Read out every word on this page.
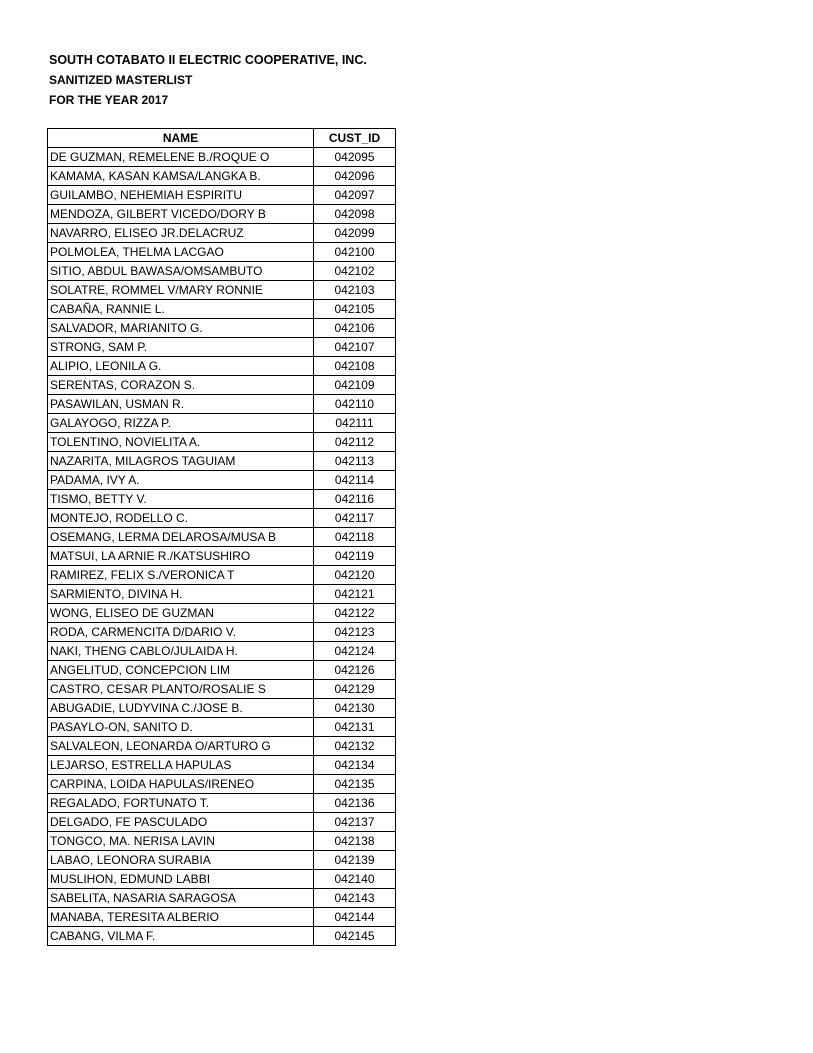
SOUTH COTABATO II ELECTRIC COOPERATIVE, INC.
SANITIZED MASTERLIST
FOR THE YEAR 2017
NAME	CUST_ID
DE GUZMAN, REMELENE B./ROQUE O	042095
KAMAMA, KASAN KAMSA/LANGKA B.	042096
GUILAMBO, NEHEMIAH ESPIRITU	042097
MENDOZA, GILBERT VICEDO/DORY B	042098
NAVARRO, ELISEO JR.DELACRUZ	042099
POLMOLEA, THELMA LACGAO	042100
SITIO, ABDUL BAWASA/OMSAMBUTO	042102
SOLATRE, ROMMEL V/MARY RONNIE	042103
CABAÑA, RANNIE L.	042105
SALVADOR, MARIANITO G.	042106
STRONG, SAM P.	042107
ALIPIO, LEONILA G.	042108
SERENTAS, CORAZON S.	042109
PASAWILAN, USMAN R.	042110
GALAYOGO, RIZZA P.	042111
TOLENTINO, NOVIELITA A.	042112
NAZARITA, MILAGROS TAGUIAM	042113
PADAMA, IVY A.	042114
TISMO, BETTY V.	042116
MONTEJO, RODELLO C.	042117
OSEMANG, LERMA DELAROSA/MUSA B	042118
MATSUI, LA ARNIE R./KATSUSHIRO	042119
RAMIREZ, FELIX S./VERONICA T	042120
SARMIENTO, DIVINA H.	042121
WONG, ELISEO DE GUZMAN	042122
RODA, CARMENCITA D/DARIO V.	042123
NAKI, THENG CABLO/JULAIDA H.	042124
ANGELITUD, CONCEPCION LIM	042126
CASTRO, CESAR PLANTO/ROSALIE S	042129
ABUGADIE, LUDYVINA C./JOSE B.	042130
PASAYLO-ON, SANITO D.	042131
SALVALEON, LEONARDA O/ARTURO G	042132
LEJARSO, ESTRELLA HAPULAS	042134
CARPINA, LOIDA HAPULAS/IRENEO	042135
REGALADO, FORTUNATO T.	042136
DELGADO, FE PASCULADO	042137
TONGCO, MA. NERISA LAVIN	042138
LABAO, LEONORA SURABIA	042139
MUSLIHON, EDMUND LABBI	042140
SABELITA, NASARIA SARAGOSA	042143
MANABA, TERESITA ALBERIO	042144
CABANG, VILMA F.	042145
